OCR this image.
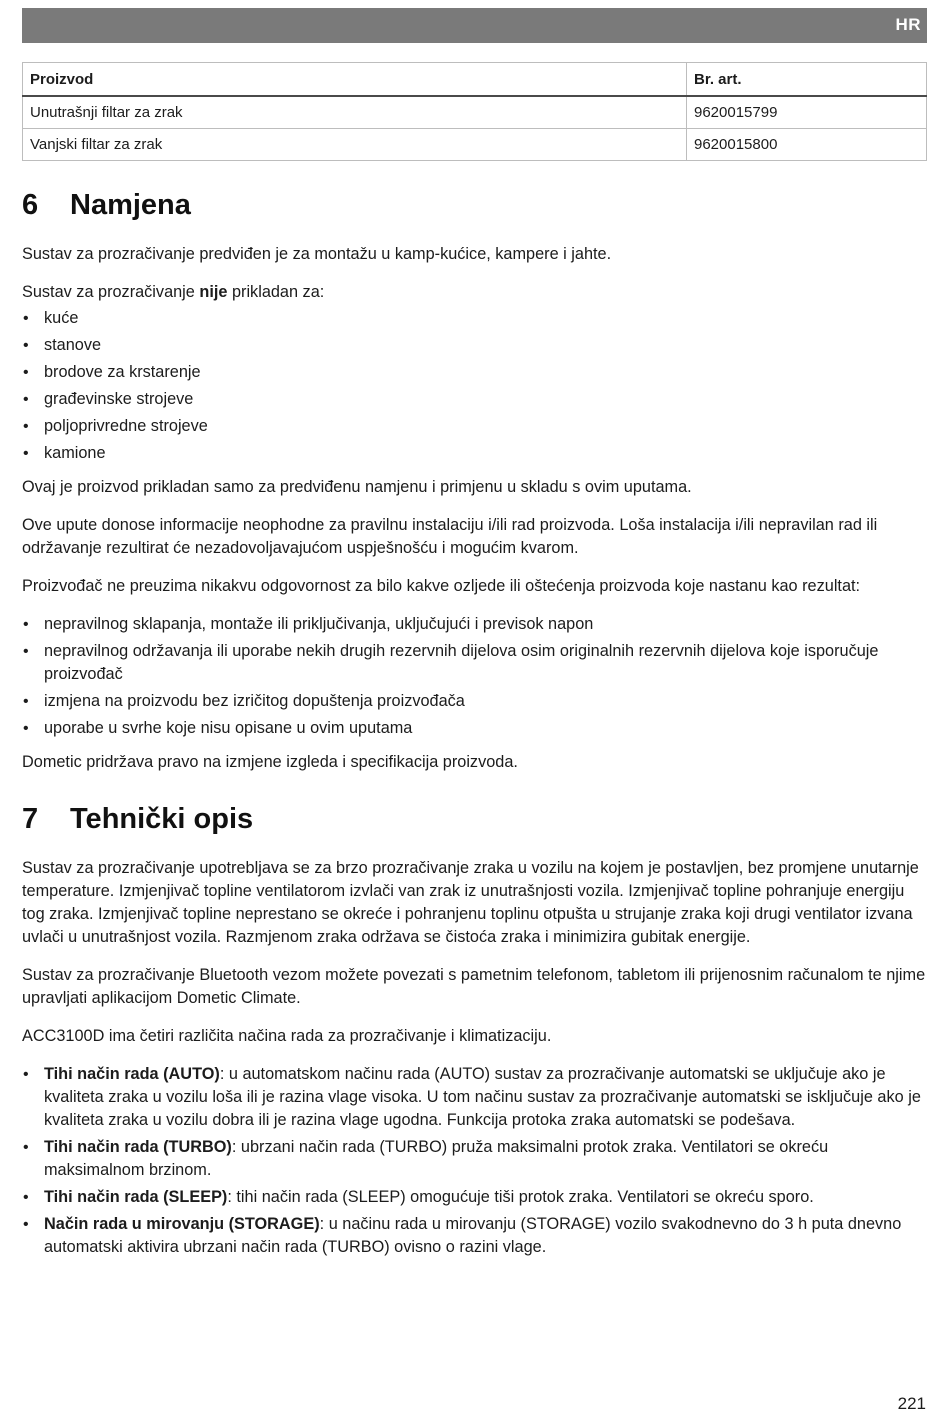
HR
Proizvod	Br. art.
Unutrašnji filtar za zrak	9620015799
Vanjski filtar za zrak	9620015800
6 Namjena

Sustav za prozračivanje predviđen je za montažu u kamp-kućice, kampere i jahte.

Sustav za prozračivanje nije prikladan za:

• kuće
• stanove
• brodove za krstarenje
• građevinske strojeve
• poljoprivredne strojeve
• kamione

Ovaj je proizvod prikladan samo za predviđenu namjenu i primjenu u skladu s ovim uputama.

Ove upute donose informacije neophodne za pravilnu instalaciju i/ili rad proizvoda. Loša instalacija i/ili nepravilan rad ili održavanje rezultirat će nezadovoljavajućom uspješnošću i mogućim kvarom.

Proizvođač ne preuzima nikakvu odgovornost za bilo kakve ozljede ili oštećenja proizvoda koje nastanu kao rezultat:

• nepravilnog sklapanja, montaže ili priključivanja, uključujući i previsok napon
• nepravilnog održavanja ili uporabe nekih drugih rezervnih dijelova osim originalnih rezervnih dijelova koje isporučuje proizvođač
• izmjena na proizvodu bez izričitog dopuštenja proizvođača
• uporabe u svrhe koje nisu opisane u ovim uputama

Dometic pridržava pravo na izmjene izgleda i specifikacija proizvoda.

7 Tehnički opis

Sustav za prozračivanje upotrebljava se za brzo prozračivanje zraka u vozilu na kojem je postavljen, bez promjene unutarnje temperature. Izmjenjivač topline ventilatorom izvlači van zrak iz unutrašnjosti vozila. Izmjenjivač topline pohranjuje energiju tog zraka. Izmjenjivač topline neprestano se okreće i pohranjenu toplinu otpušta u strujanje zraka koji drugi ventilator izvana uvlači u unutrašnjost vozila. Razmjenom zraka održava se čistoća zraka i minimizira gubitak energije.

Sustav za prozračivanje Bluetooth vezom možete povezati s pametnim telefonom, tabletom ili prijenosnim računalom te njime upravljati aplikacijom Dometic Climate.

ACC3100D ima četiri različita načina rada za prozračivanje i klimatizaciju.

• Tihi način rada (AUTO): u automatskom načinu rada (AUTO) sustav za prozračivanje automatski se uključuje ako je kvaliteta zraka u vozilu loša ili je razina vlage visoka. U tom načinu sustav za prozračivanje automatski se isključuje ako je kvaliteta zraka u vozilu dobra ili je razina vlage ugodna. Funkcija protoka zraka automatski se podešava.
• Tihi način rada (TURBO): ubrzani način rada (TURBO) pruža maksimalni protok zraka. Ventilatori se okreću maksimalnom brzinom.
• Tihi način rada (SLEEP): tihi način rada (SLEEP) omogućuje tiši protok zraka. Ventilatori se okreću sporo.
• Način rada u mirovanju (STORAGE): u načinu rada u mirovanju (STORAGE) vozilo svakodnevno do 3 h puta dnevno automatski aktivira ubrzani način rada (TURBO) ovisno o razini vlage.
221
